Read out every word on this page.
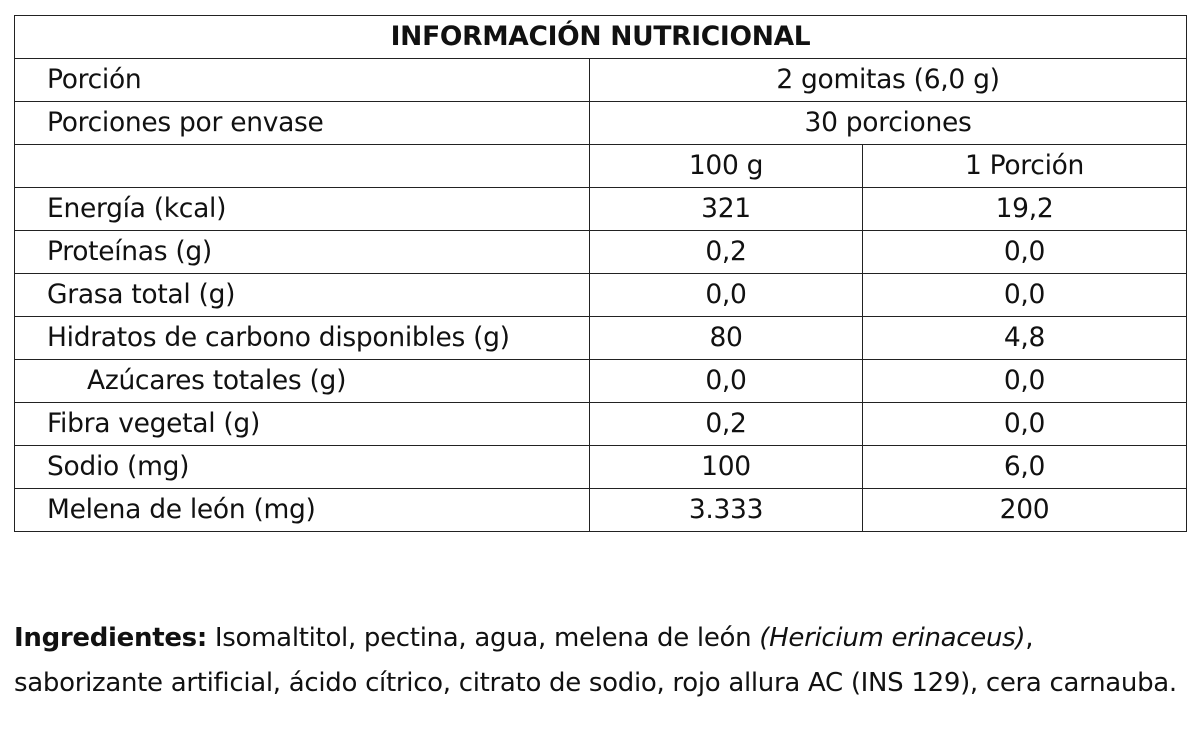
INFORMACIÓN NUTRICIONAL		
Porción	2 gomitas (6,0 g)	
Porciones por envase	30 porciones	
	100 g	1 Porción
Energía (kcal)	321	19,2
Proteínas (g)	0,2	0,0
Grasa total (g)	0,0	0,0
Hidratos de carbono disponibles (g)	80	4,8
Azúcares totales (g)	0,0	0,0
Fibra vegetal (g)	0,2	0,0
Sodio (mg)	100	6,0
Melena de león (mg)	3.333	200

Ingredientes: Isomaltitol, pectina, agua, melena de león (Hericium erinaceus), saborizante artificial, ácido cítrico, citrato de sodio, rojo allura AC (INS 129), cera carnauba.
